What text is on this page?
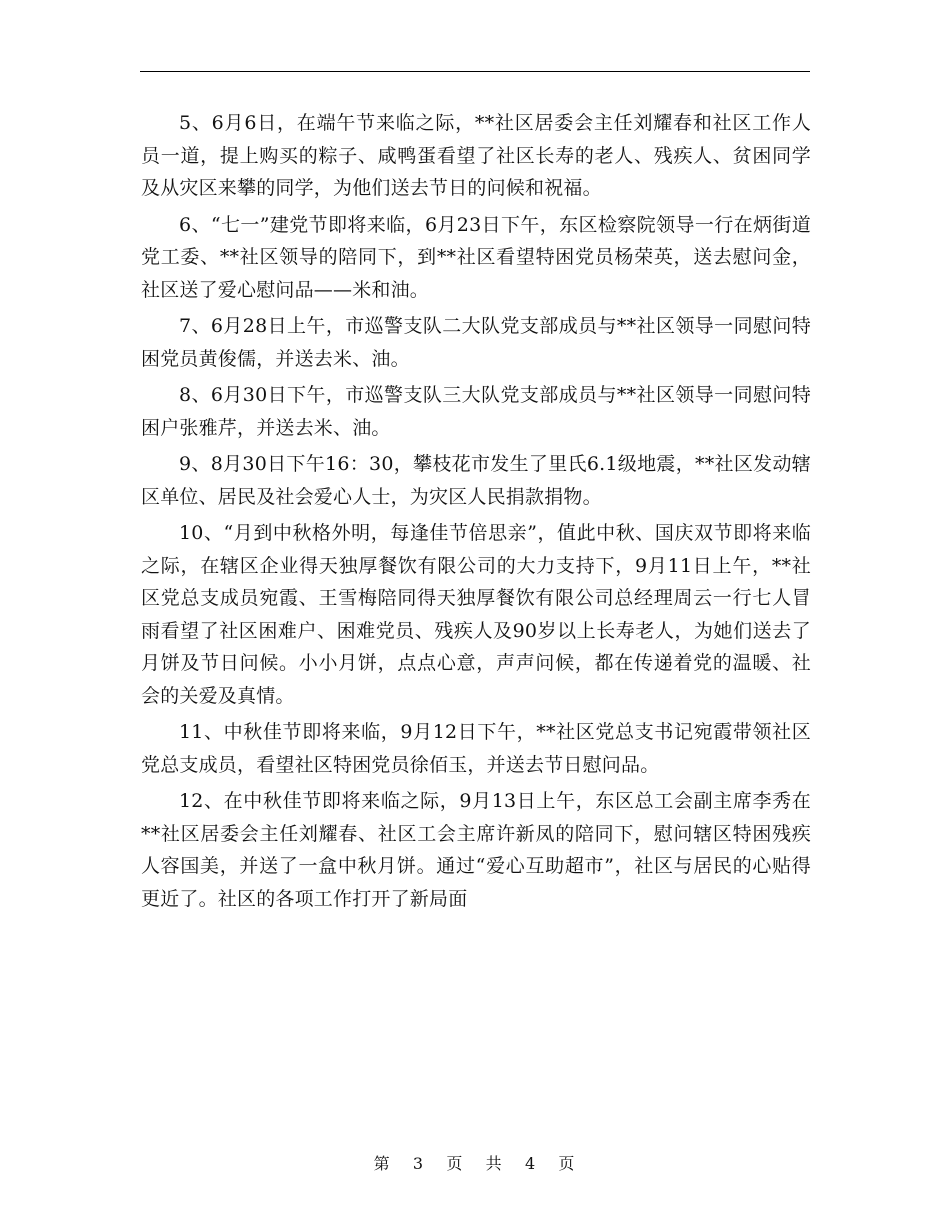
5、6月6日，在端午节来临之际，**社区居委会主任刘耀春和社区工作人员一道，提上购买的粽子、咸鸭蛋看望了社区长寿的老人、残疾人、贫困同学及从灾区来攀的同学，为他们送去节日的问候和祝福。

6、“七一”建党节即将来临，6月23日下午，东区检察院领导一行在炳街道党工委、**社区领导的陪同下，到**社区看望特困党员杨荣英，送去慰问金，社区送了爱心慰问品——米和油。

7、6月28日上午，市巡警支队二大队党支部成员与**社区领导一同慰问特困党员黄俊儒，并送去米、油。

8、6月30日下午，市巡警支队三大队党支部成员与**社区领导一同慰问特困户张雅芹，并送去米、油。

9、8月30日下午16：30，攀枝花市发生了里氏6.1级地震，**社区发动辖区单位、居民及社会爱心人士，为灾区人民捐款捐物。

10、“月到中秋格外明，每逢佳节倍思亲”，值此中秋、国庆双节即将来临之际，在辖区企业得天独厚餐饮有限公司的大力支持下，9月11日上午，**社区党总支成员宛霞、王雪梅陪同得天独厚餐饮有限公司总经理周云一行七人冒雨看望了社区困难户、困难党员、残疾人及90岁以上长寿老人，为她们送去了月饼及节日问候。小小月饼，点点心意，声声问候，都在传递着党的温暖、社会的关爱及真情。

11、中秋佳节即将来临，9月12日下午，**社区党总支书记宛霞带领社区党总支成员，看望社区特困党员徐佰玉，并送去节日慰问品。

12、在中秋佳节即将来临之际，9月13日上午，东区总工会副主席李秀在**社区居委会主任刘耀春、社区工会主席许新凤的陪同下，慰问辖区特困残疾人容国美，并送了一盒中秋月饼。通过“爱心互助超市”，社区与居民的心贴得更近了。社区的各项工作打开了新局面

第 3 页 共 4 页
